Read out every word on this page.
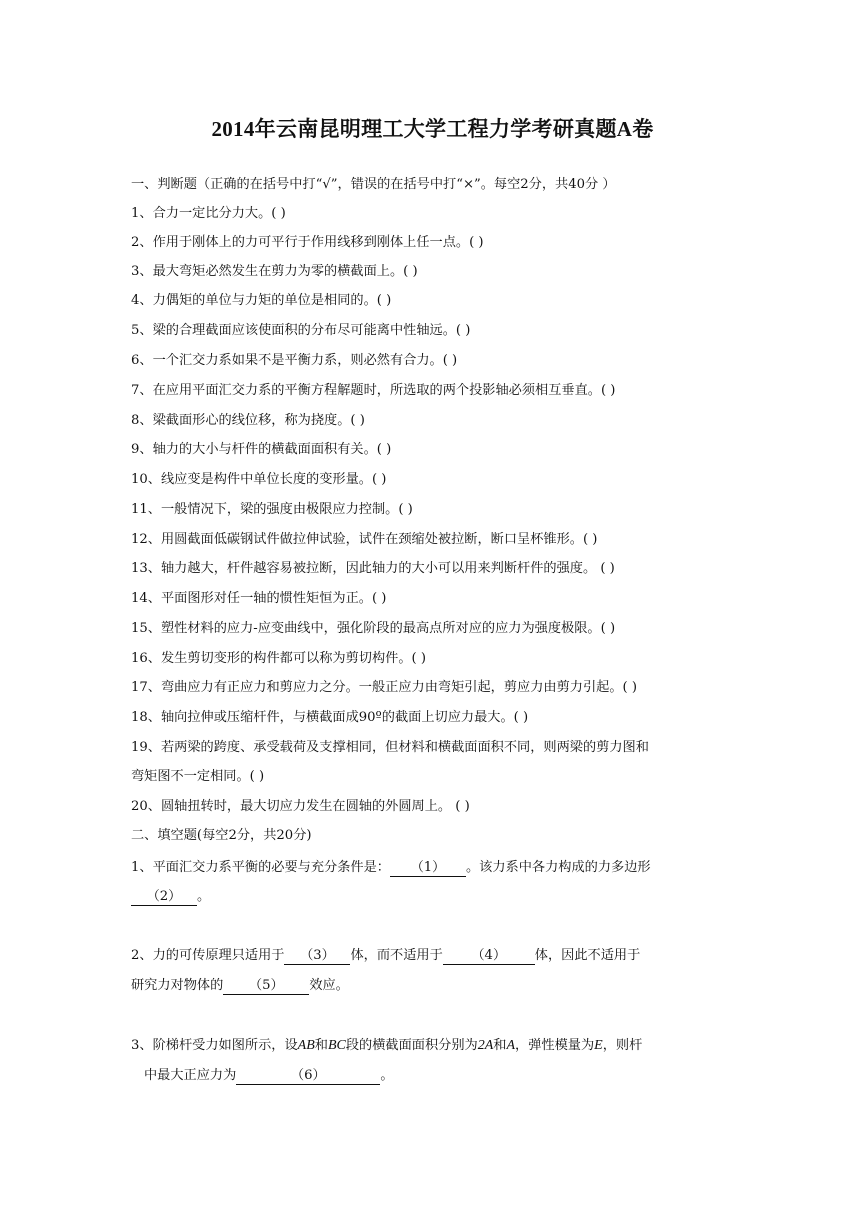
2014年云南昆明理工大学工程力学考研真题A卷
一、判断题（正确的在括号中打“√”，错误的在括号中打“×”。每空2分，共40分 ）
1、合力一定比分力大。( )
2、作用于刚体上的力可平行于作用线移到刚体上任一点。( )
3、最大弯矩必然发生在剪力为零的横截面上。( )
4、力偶矩的单位与力矩的单位是相同的。( )
5、梁的合理截面应该使面积的分布尽可能离中性轴远。( )
6、一个汇交力系如果不是平衡力系，则必然有合力。( )
7、在应用平面汇交力系的平衡方程解题时，所选取的两个投影轴必须相互垂直。( )
8、梁截面形心的线位移，称为挠度。( )
9、轴力的大小与杆件的横截面面积有关。( )
10、线应变是构件中单位长度的变形量。( )
11、一般情况下，梁的强度由极限应力控制。( )
12、用圆截面低碳钢试件做拉伸试验，试件在颈缩处被拉断，断口呈杯锥形。( )
13、轴力越大，杆件越容易被拉断，因此轴力的大小可以用来判断杆件的强度。 ( )
14、平面图形对任一轴的惯性矩恒为正。( )
15、塑性材料的应力-应变曲线中，强化阶段的最高点所对应的应力为强度极限。( )
16、发生剪切变形的构件都可以称为剪切构件。( )
17、弯曲应力有正应力和剪应力之分。一般正应力由弯矩引起，剪应力由剪力引起。( )
18、轴向拉伸或压缩杆件，与横截面成90º的截面上切应力最大。( )
19、若两梁的跨度、承受载荷及支撑相同，但材料和横截面面积不同，则两梁的剪力图和
弯矩图不一定相同。( )
20、圆轴扭转时，最大切应力发生在圆轴的外圆周上。 ( )
二、填空题(每空2分，共20分)
1、平面汇交力系平衡的必要与充分条件是： （1） 。该力系中各力构成的力多边形
（2） 。
2、力的可传原理只适用于 （3） 体，而不适用于 （4） 体，因此不适用于
研究力对物体的 （5） 效应。
3、阶梯杆受力如图所示，设AB和BC段的横截面面积分别为2A和A，弹性模量为E，则杆
中最大正应力为	（6）	。
